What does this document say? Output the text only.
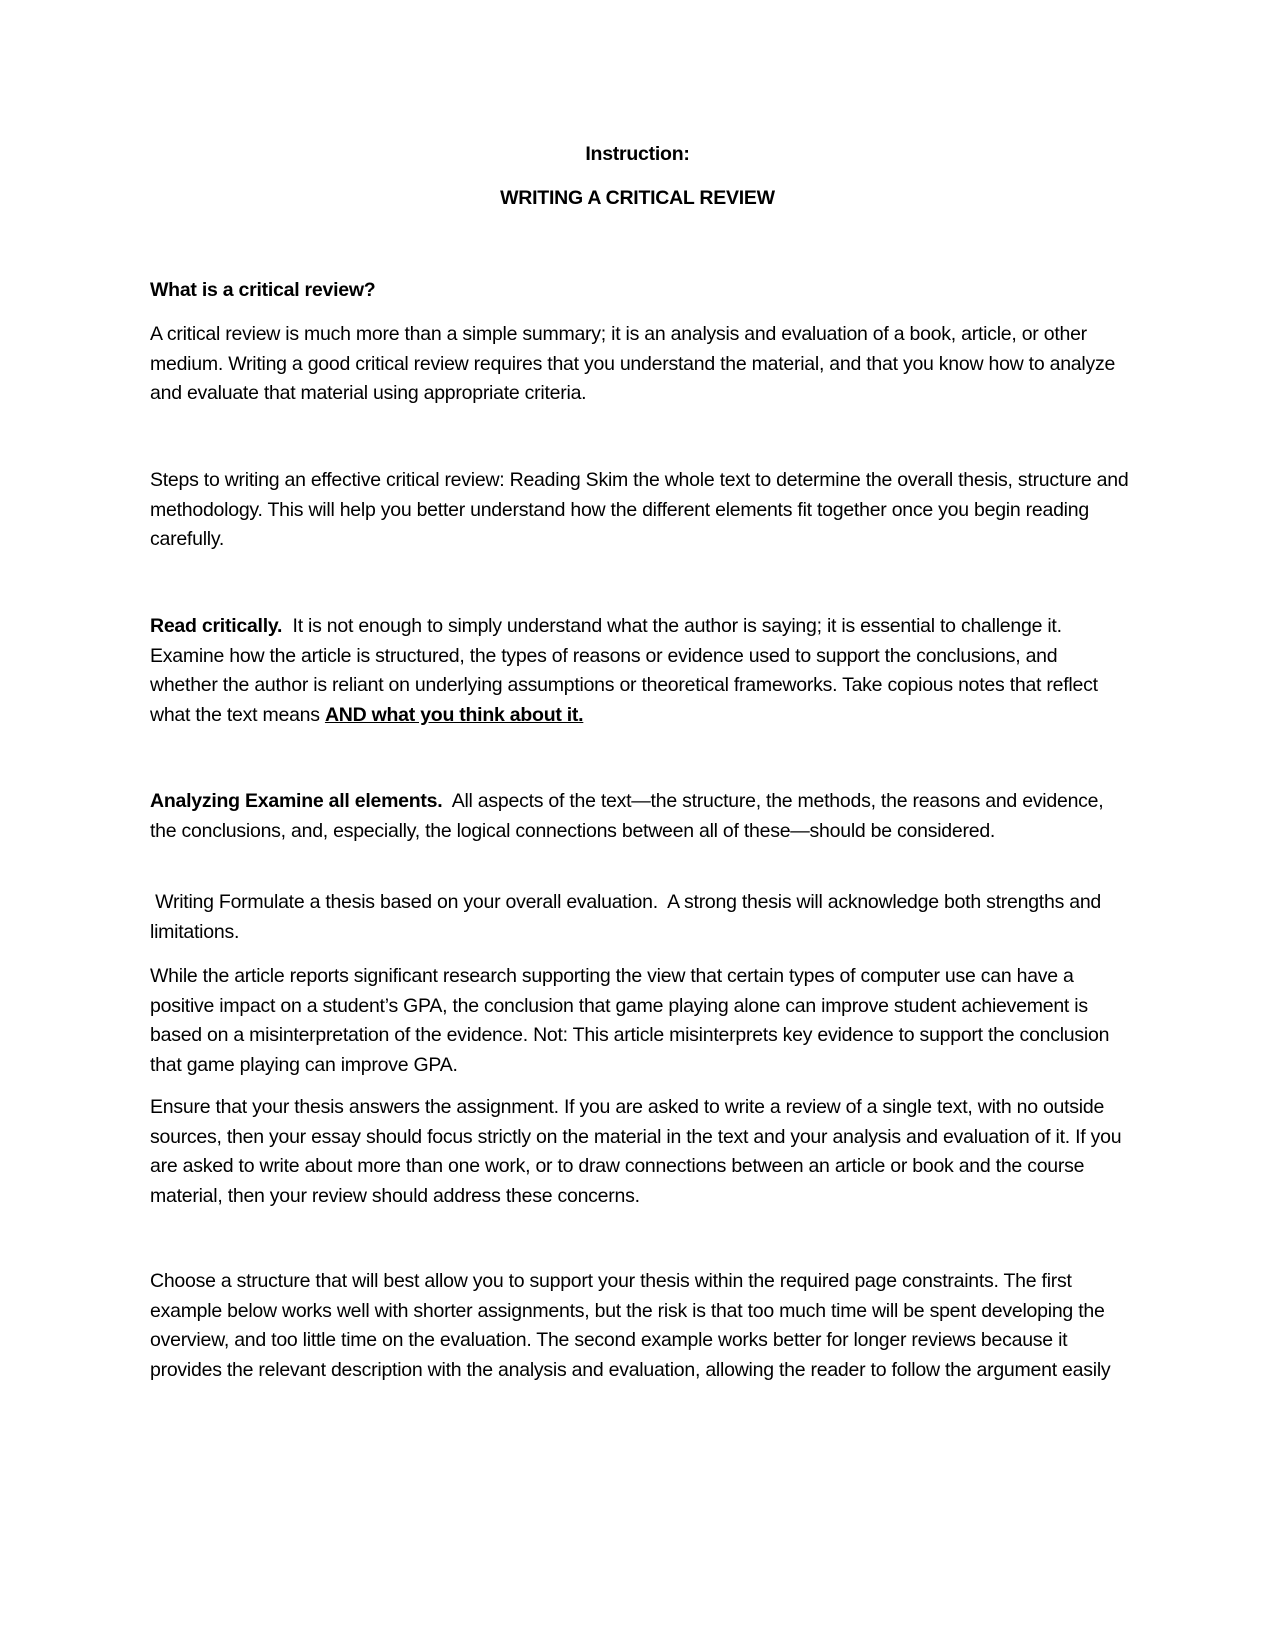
Instruction:
WRITING A CRITICAL REVIEW
What is a critical review?

A critical review is much more than a simple summary; it is an analysis and evaluation of a book, article, or other medium. Writing a good critical review requires that you understand the material, and that you know how to analyze and evaluate that material using appropriate criteria.

Steps to writing an effective critical review: Reading Skim the whole text to determine the overall thesis, structure and methodology. This will help you better understand how the different elements fit together once you begin reading carefully.

Read critically.  It is not enough to simply understand what the author is saying; it is essential to challenge it. Examine how the article is structured, the types of reasons or evidence used to support the conclusions, and whether the author is reliant on underlying assumptions or theoretical frameworks. Take copious notes that reflect what the text means AND what you think about it.

Analyzing Examine all elements.  All aspects of the text—the structure, the methods, the reasons and evidence, the conclusions, and, especially, the logical connections between all of these—should be considered.

Writing Formulate a thesis based on your overall evaluation.  A strong thesis will acknowledge both strengths and limitations.

While the article reports significant research supporting the view that certain types of computer use can have a positive impact on a student’s GPA, the conclusion that game playing alone can improve student achievement is based on a misinterpretation of the evidence. Not: This article misinterprets key evidence to support the conclusion that game playing can improve GPA.

Ensure that your thesis answers the assignment. If you are asked to write a review of a single text, with no outside sources, then your essay should focus strictly on the material in the text and your analysis and evaluation of it. If you are asked to write about more than one work, or to draw connections between an article or book and the course material, then your review should address these concerns.

Choose a structure that will best allow you to support your thesis within the required page constraints. The first example below works well with shorter assignments, but the risk is that too much time will be spent developing the overview, and too little time on the evaluation. The second example works better for longer reviews because it provides the relevant description with the analysis and evaluation, allowing the reader to follow the argument easily
